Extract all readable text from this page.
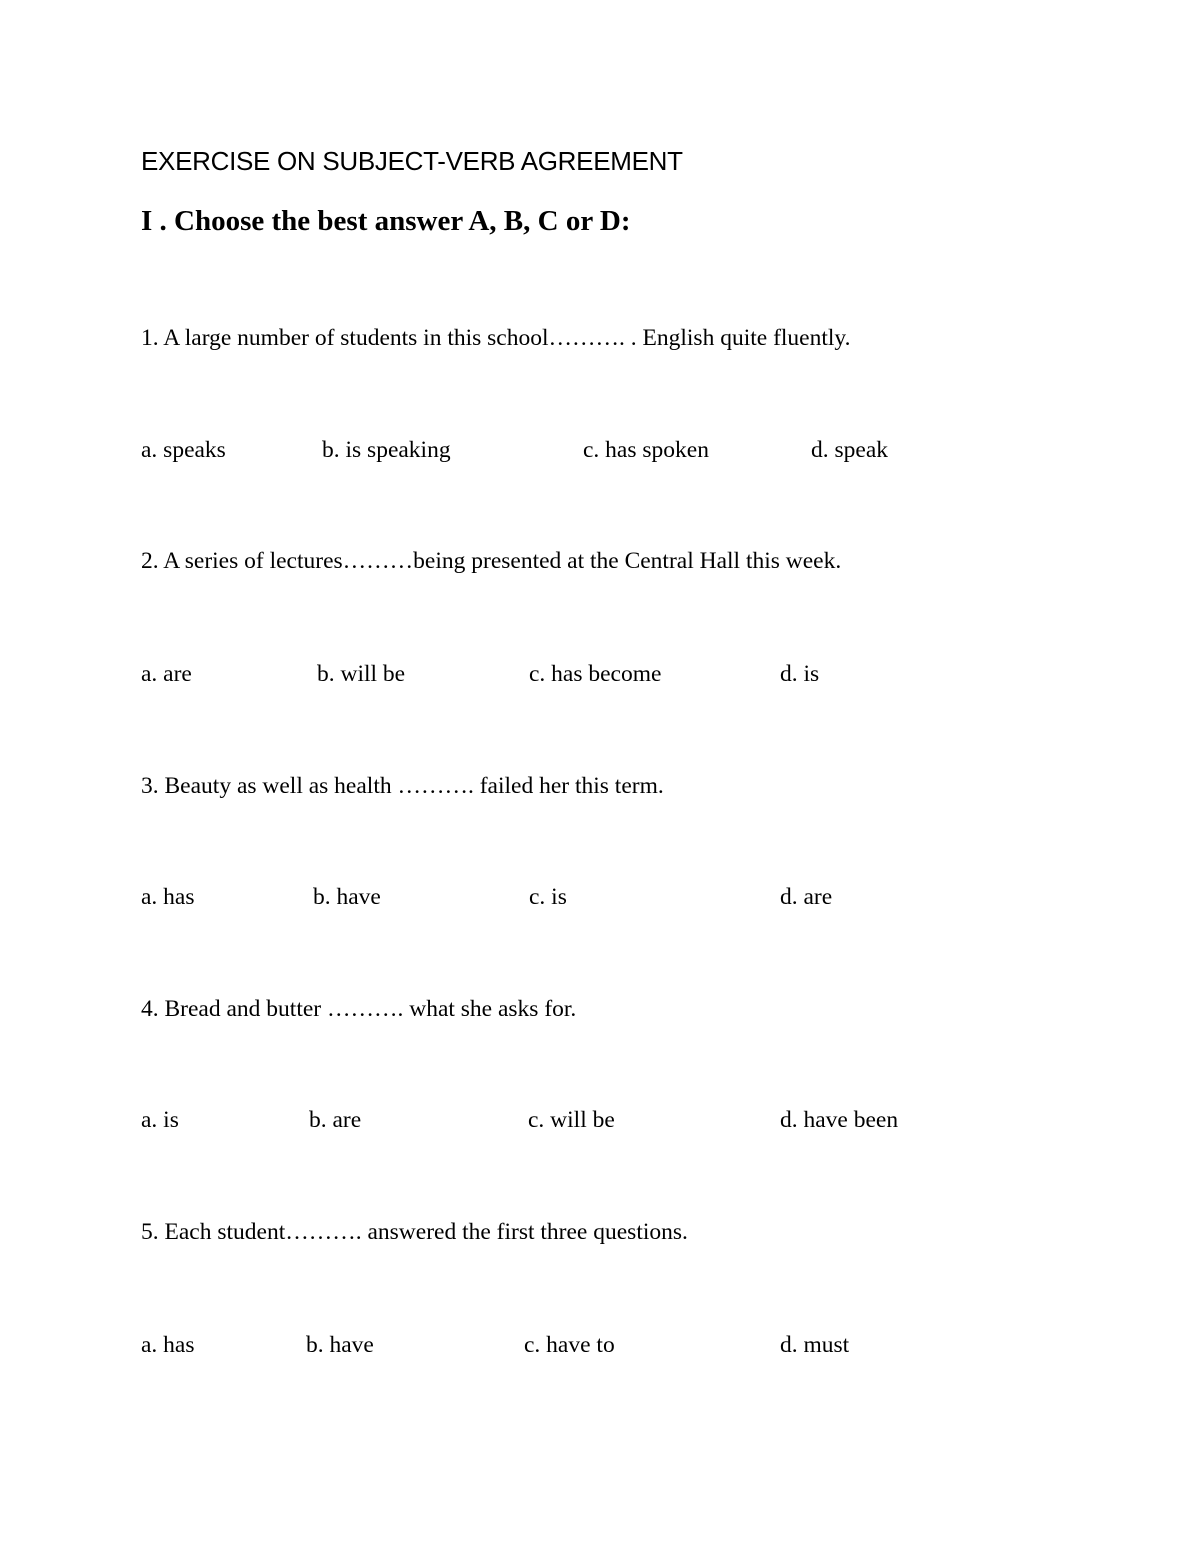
EXERCISE ON SUBJECT-VERB AGREEMENT
I . Choose the best answer A, B, C or D:
1. A large number of students in this school………. . English quite fluently.
a. speaks	b. is speaking	c. has spoken	d. speak
2. A series of lectures………being presented at the Central Hall this week.
a. are	b. will be	c. has become	d. is
3. Beauty as well as health ………. failed her this term.
a. has	b. have	c. is	d. are
4. Bread and butter ………. what she asks for.
a. is	b. are	c. will be	d. have been
5. Each student………. answered the first three questions.
a. has	b. have	c. have to	d. must
